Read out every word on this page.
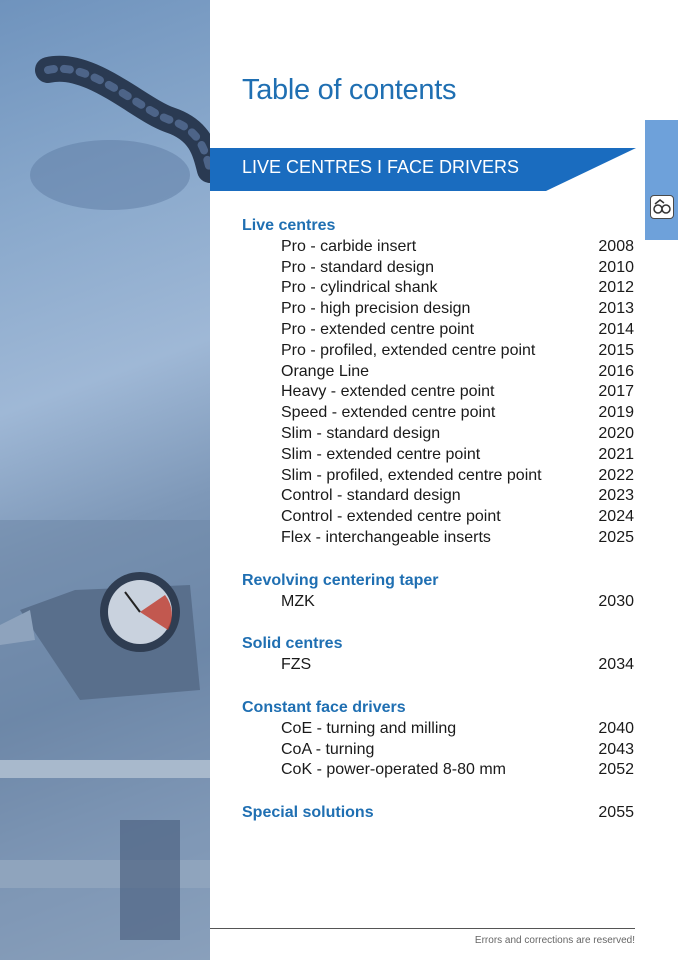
Table of contents
LIVE CENTRES I FACE DRIVERS
Live centres
Pro - carbide insert	2008
Pro - standard design	2010
Pro - cylindrical shank	2012
Pro - high precision design	2013
Pro - extended centre point	2014
Pro - profiled, extended centre point	2015
Orange Line	2016
Heavy - extended centre point	2017
Speed - extended centre point	2019
Slim - standard design	2020
Slim - extended centre point	2021
Slim - profiled, extended centre point	2022
Control - standard design	2023
Control - extended centre point	2024
Flex - interchangeable inserts	2025
Revolving centering taper
MZK	2030
Solid centres
FZS	2034
Constant face drivers
CoE - turning and milling	2040
CoA - turning	2043
CoK - power-operated 8-80 mm	2052
Special solutions	2055
Errors and corrections are reserved!
